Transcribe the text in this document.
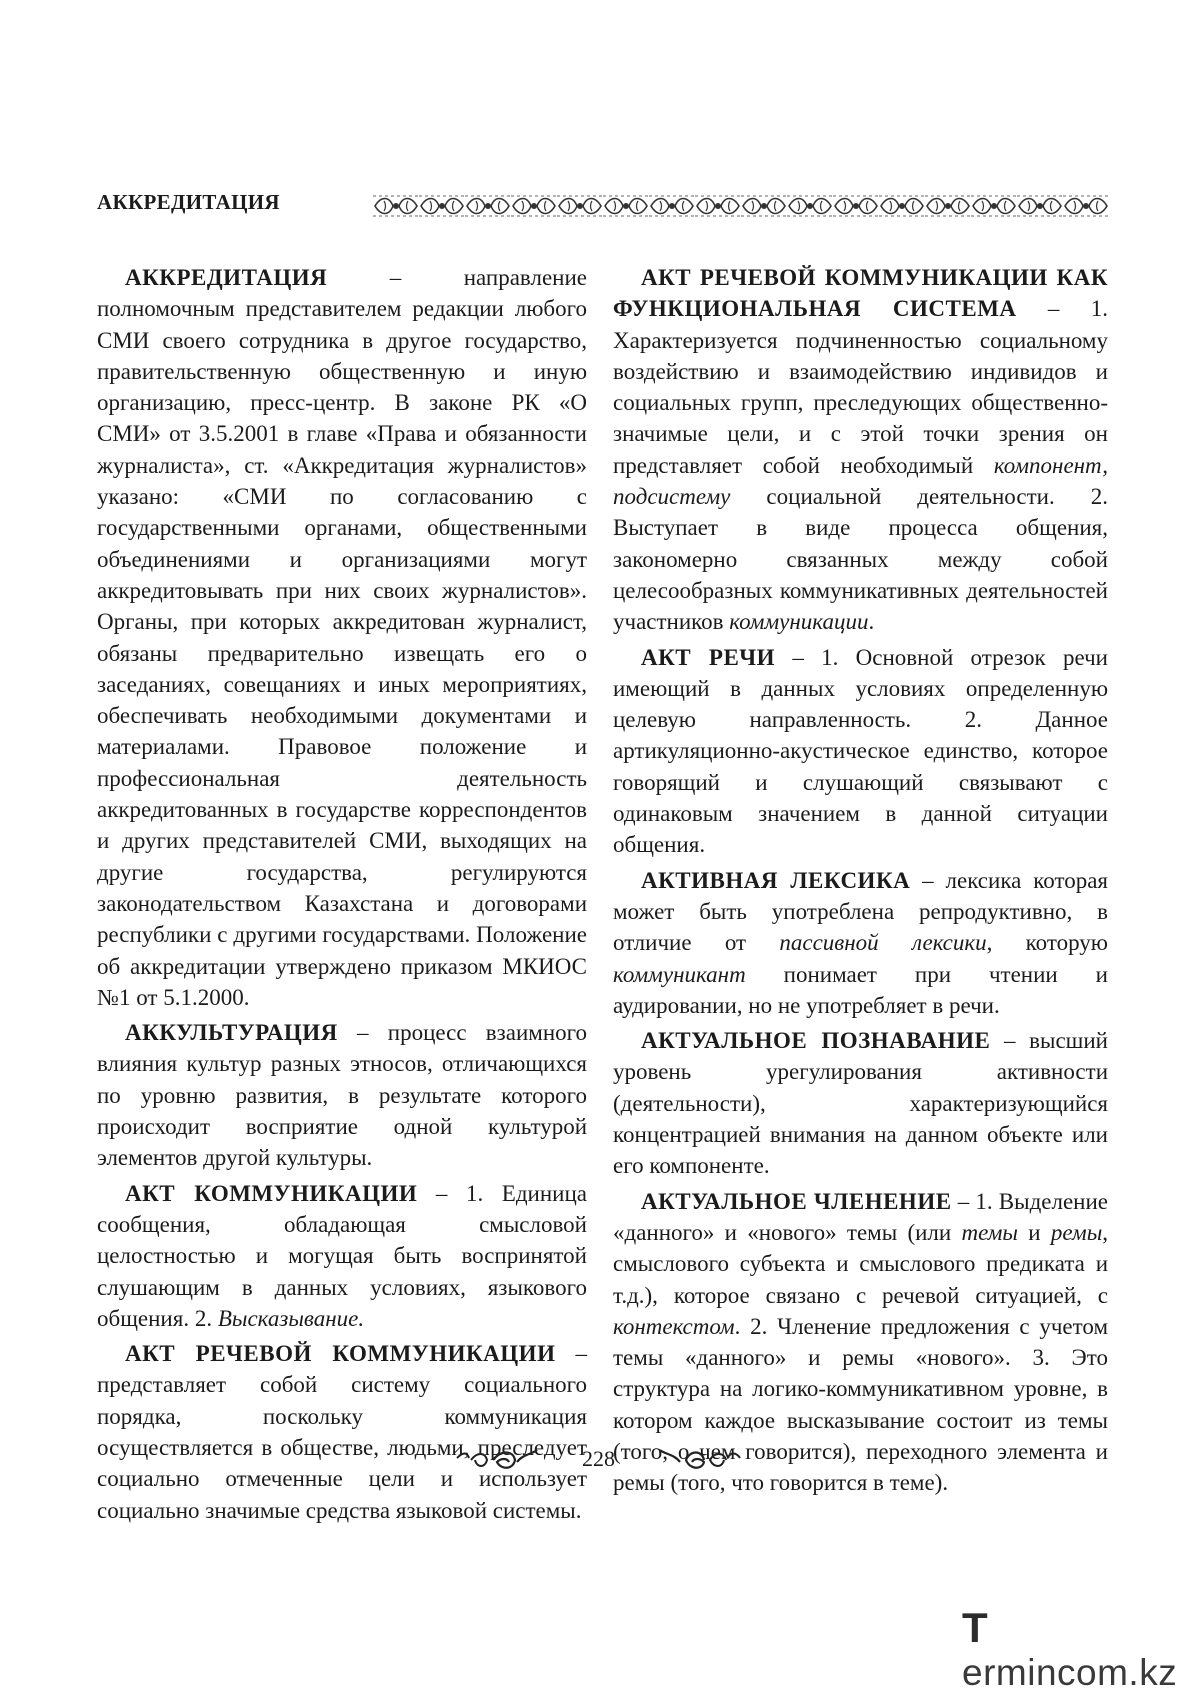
АККРЕДИТАЦИЯ

АККРЕДИТАЦИЯ – направление полномочным представителем редакции любого СМИ своего сотрудника в другое государство, правительственную общественную и иную организацию, пресс-центр. В законе РК «О СМИ» от 3.5.2001 в главе «Права и обязанности журналиста», ст. «Аккредитация журналистов» указано: «СМИ по согласованию с государственными органами, общественными объединениями и организациями могут аккредитовывать при них своих журналистов». Органы, при которых аккредитован журналист, обязаны предварительно извещать его о заседаниях, совещаниях и иных мероприятиях, обеспечивать необходимыми документами и материалами. Правовое положение и профессиональная деятельность аккредитованных в государстве корреспондентов и других представителей СМИ, выходящих на другие государства, регулируются законодательством Казахстана и договорами республики с другими государствами. Положение об аккредитации утверждено приказом МКИОС №1 от 5.1.2000.

АККУЛЬТУРАЦИЯ – процесс взаимного влияния культур разных этносов, отличающихся по уровню развития, в результате которого происходит восприятие одной культурой элементов другой культуры.

АКТ КОММУНИКАЦИИ – 1. Единица сообщения, обладающая смысловой целостностью и могущая быть воспринятой слушающим в данных условиях, языкового общения. 2. Высказывание.

АКТ РЕЧЕВОЙ КОММУНИКАЦИИ – представляет собой систему социального порядка, поскольку коммуникация осуществляется в обществе, людьми, преследует социально отмеченные цели и использует социально значимые средства языковой системы.

АКТ РЕЧЕВОЙ КОММУНИКАЦИИ КАК ФУНКЦИОНАЛЬНАЯ СИСТЕМА – 1. Характеризуется подчиненностью социальному воздействию и взаимодействию индивидов и социальных групп, преследующих общественно-значимые цели, и с этой точки зрения он представляет собой необходимый компонент, подсистему социальной деятельности. 2. Выступает в виде процесса общения, закономерно связанных между собой целесообразных коммуникативных деятельностей участников коммуникации.

АКТ РЕЧИ – 1. Основной отрезок речи имеющий в данных условиях определенную целевую направленность. 2. Данное артикуляционно-акустическое единство, которое говорящий и слушающий связывают с одинаковым значением в данной ситуации общения.

АКТИВНАЯ ЛЕКСИКА – лексика которая может быть употреблена репродуктивно, в отличие от пассивной лексики, которую коммуникант понимает при чтении и аудировании, но не употребляет в речи.

АКТУАЛЬНОЕ ПОЗНАВАНИЕ – высший уровень урегулирования активности (деятельности), характеризующийся концентрацией внимания на данном объекте или его компоненте.

АКТУАЛЬНОЕ ЧЛЕНЕНИЕ – 1. Выделение «данного» и «нового» темы (или темы и ремы, смыслового субъекта и смыслового предиката и т.д.), которое связано с речевой ситуацией, с контекстом. 2. Членение предложения с учетом темы «данного» и ремы «нового». 3. Это структура на логико-коммуникативном уровне, в котором каждое высказывание состоит из темы (того, о чем говорится), переходного элемента и ремы (того, что говорится в теме).

228
Termincom.kz
